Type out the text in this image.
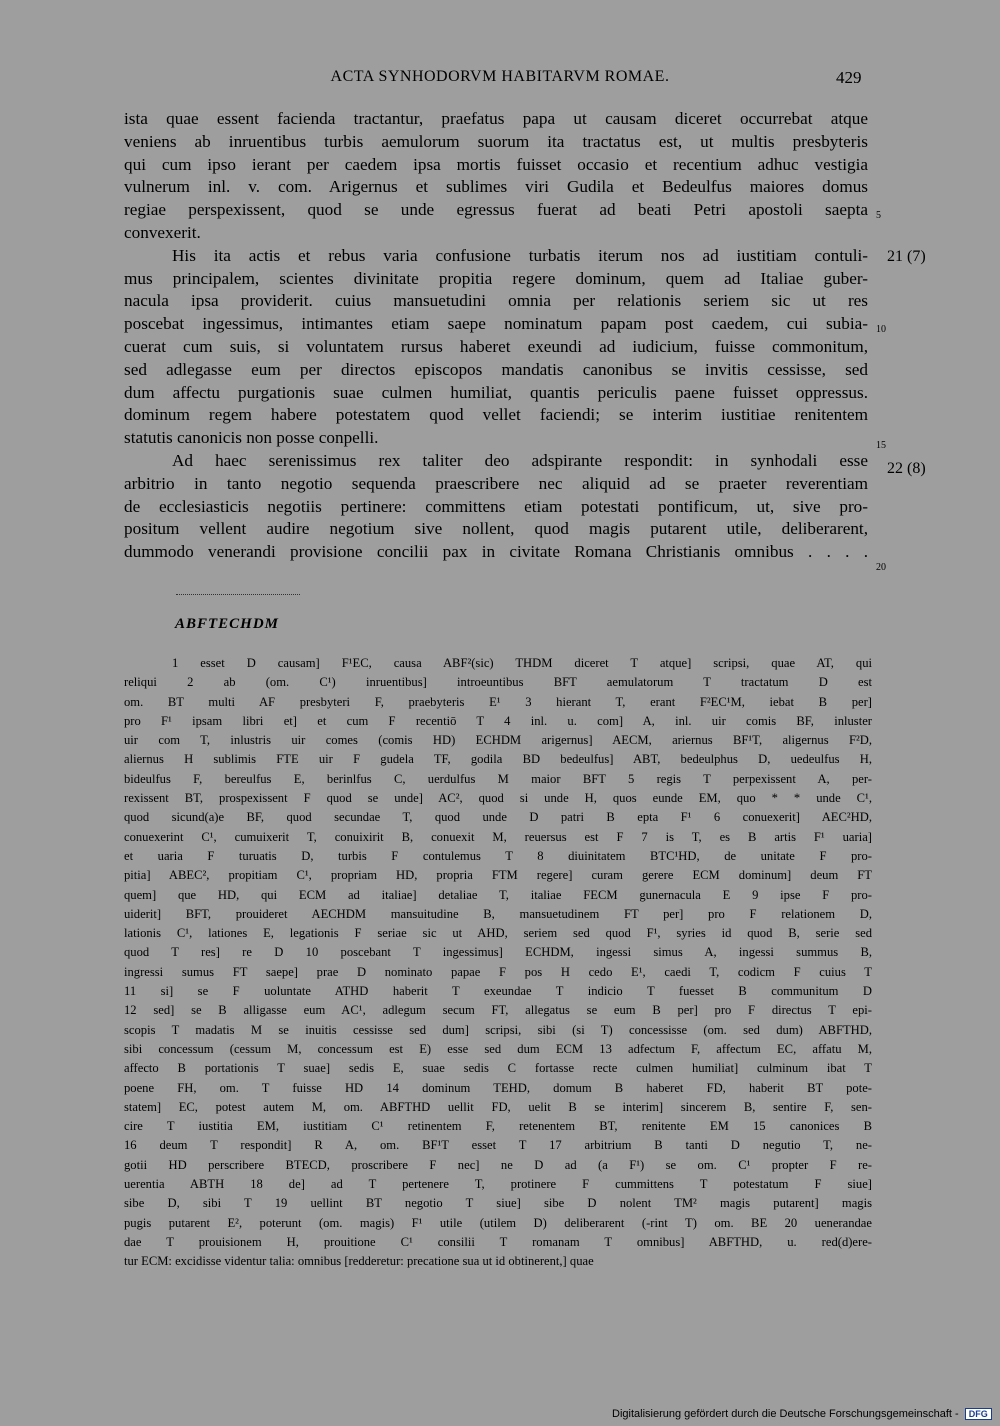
ACTA SYNHODORVM HABITARVM ROMAE.	429
ista quae essent facienda tractantur, praefatus papa ut causam diceret occurrebat atque
veniens ab inruentibus turbis aemulorum suorum ita tractatus est, ut multis presbyteris
qui cum ipso ierant per caedem ipsa mortis fuisset occasio et recentium adhuc vestigia
vulnerum inl. v. com. Arigernus et sublimes viri Gudila et Bedeulfus maiores domus
regiae perspexissent, quod se unde egressus fuerat ad beati Petri apostoli saepta
convexerit.
His ita actis et rebus varia confusione turbatis iterum nos ad iustitiam contuli-
mus principalem, scientes divinitate propitia regere dominum, quem ad Italiae guber-
nacula ipsa providerit. cuius mansuetudini omnia per relationis seriem sic ut res
poscebat ingessimus, intimantes etiam saepe nominatum papam post caedem, cui subia-
cuerat cum suis, si voluntatem rursus haberet exeundi ad iudicium, fuisse commonitum,
sed adlegasse eum per directos episcopos mandatis canonibus se invitis cessisse, sed
dum affectu purgationis suae culmen humiliat, quantis periculis paene fuisset oppressus.
dominum regem habere potestatem quod vellet faciendi; se interim iustitiae renitentem
statutis canonicis non posse conpelli.
Ad haec serenissimus rex taliter deo adspirante respondit: in synhodali esse
arbitrio in tanto negotio sequenda praescribere nec aliquid ad se praeter reverentiam
de ecclesiasticis negotiis pertinere: committens etiam potestati pontificum, ut, sive pro-
positum vellent audire negotium sive nollent, quod magis putarent utile, deliberarent,
dummodo venerandi provisione concilii pax in civitate Romana Christianis omnibus . . . .
21 (7)
22 (8)
5
10
15
20
ABFTECHDM
1 esset D causam] F¹EC, causa ABF²(sic) THDM diceret T atque] scripsi, quae AT, qui
reliqui 2 ab (om. C¹) inruentibus] introeuntibus BFT aemulatorum T tractatum D est
om. BT multi AF presbyteri F, praebyteris E¹ 3 hierant T, erant F²EC¹M, iebat B per]
pro F¹ ipsam libri et] et cum F recentiō T 4 inl. u. com] A, inl. uir comis BF, inluster
uir com T, inlustris uir comes (comis HD) ECHDM arigernus] AECM, ariernus BF¹T, aligernus F²D,
aliernus H sublimis FTE uir F gudela TF, godila BD bedeulfus] ABT, bedeulphus D, uedeulfus H,
bideulfus F, bereulfus E, berinlfus C, uerdulfus M maior BFT 5 regis T perpexissent A, per-
rexissent BT, prospexissent F quod se unde] AC², quod si unde H, quos eunde EM, quo * * unde C¹,
quod sicund(a)e BF, quod secundae T, quod unde D patri B epta F¹ 6 conuexerit] AEC²HD,
conuexerint C¹, cumuixerit T, conuixirit B, conuexit M, reuersus est F 7 is T, es B artis F¹ uaria]
et uaria F turuatis D, turbis F contulemus T 8 diuinitatem BTC¹HD, de unitate F pro-
pitia] ABEC², propitiam C¹, propriam HD, propria FTM regere] curam gerere ECM dominum] deum FT
quem] que HD, qui ECM ad italiae] detaliae T, italiae FECM gunernacula E 9 ipse F pro-
uiderit] BFT, prouideret AECHDM mansuitudine B, mansuetudinem FT per] pro F relationem D,
lationis C¹, lationes E, legationis F seriae sic ut AHD, seriem sed quod F¹, syries id quod B, serie sed
quod T res] re D 10 poscebant T ingessimus] ECHDM, ingessi simus A, ingessi summus B,
ingressi sumus FT saepe] prae D nominato papae F pos H cedo E¹, caedi T, codicm F cuius T
11 si] se F uoluntate ATHD haberit T exeundae T indicio T fuesset B communitum D
12 sed] se B alligasse eum AC¹, adlegum secum FT, allegatus se eum B per] pro F directus T epi-
scopis T madatis M se inuitis cessisse sed dum] scripsi, sibi (si T) concessisse (om. sed dum) ABFTHD,
sibi concessum (cessum M, concessum est E) esse sed dum ECM 13 adfectum F, affectum EC, affatu M,
affecto B portationis T suae] sedis E, suae sedis C fortasse recte culmen humiliat] culminum ibat T
poene FH, om. T fuisse HD 14 dominum TEHD, domum B haberet FD, haberit BT pote-
statem] EC, potest autem M, om. ABFTHD uellit FD, uelit B se interim] sincerem B, sentire F, sen-
cire T iustitia EM, iustitiam C¹ retinentem F, retenentem BT, renitente EM 15 canonices B
16 deum T respondit] R A, om. BF¹T esset T 17 arbitrium B tanti D negutio T, ne-
gotii HD perscribere BTECD, proscribere F nec] ne D ad (a F¹) se om. C¹ propter F re-
uerentia ABTH 18 de] ad T pertenere T, protinere F cummittens T potestatum F siue]
sibe D, sibi T 19 uellint BT negotio T siue] sibe D nolent TM² magis putarent] magis
pugis putarent E², poterunt (om. magis) F¹ utile (utilem D) deliberarent (-rint T) om. BE 20 uenerandae
dae T prouisionem H, prouitione C¹ consilii T romanam T omnibus] ABFTHD, u. red(d)ere-
tur ECM: excidisse videntur talia: omnibus [redderetur: precatione sua ut id obtinerent,] quae
Digitalisierung gefördert durch die Deutsche Forschungsgemeinschaft - DFG
